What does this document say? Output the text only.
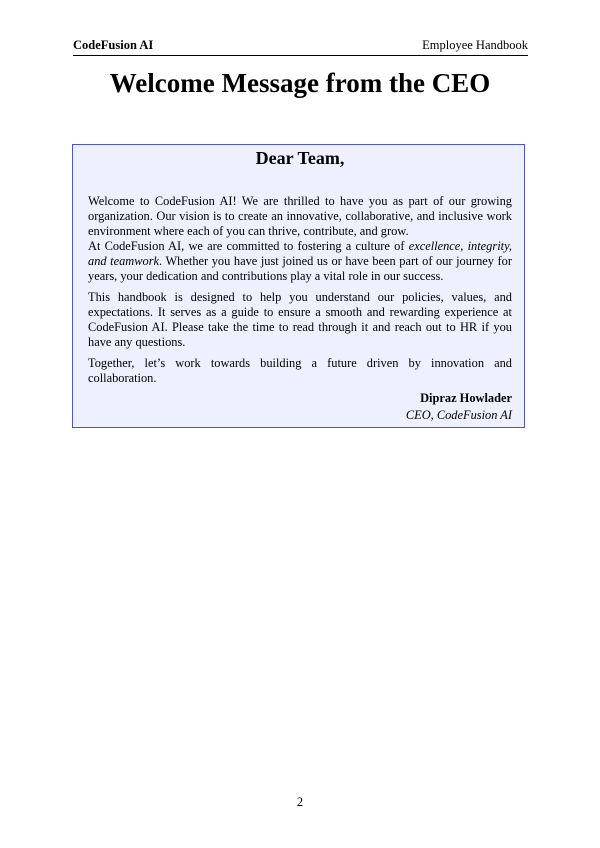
CodeFusion AI	Employee Handbook
Welcome Message from the CEO
Dear Team,

Welcome to CodeFusion AI! We are thrilled to have you as part of our growing organization. Our vision is to create an innovative, collaborative, and inclusive work environment where each of you can thrive, contribute, and grow.
At CodeFusion AI, we are committed to fostering a culture of excellence, integrity, and teamwork. Whether you have just joined us or have been part of our journey for years, your dedication and contributions play a vital role in our success.

This handbook is designed to help you understand our policies, values, and expectations. It serves as a guide to ensure a smooth and rewarding experience at CodeFusion AI. Please take the time to read through it and reach out to HR if you have any questions.

Together, let’s work towards building a future driven by innovation and collaboration.

Dipraz Howlader
CEO, CodeFusion AI
2
